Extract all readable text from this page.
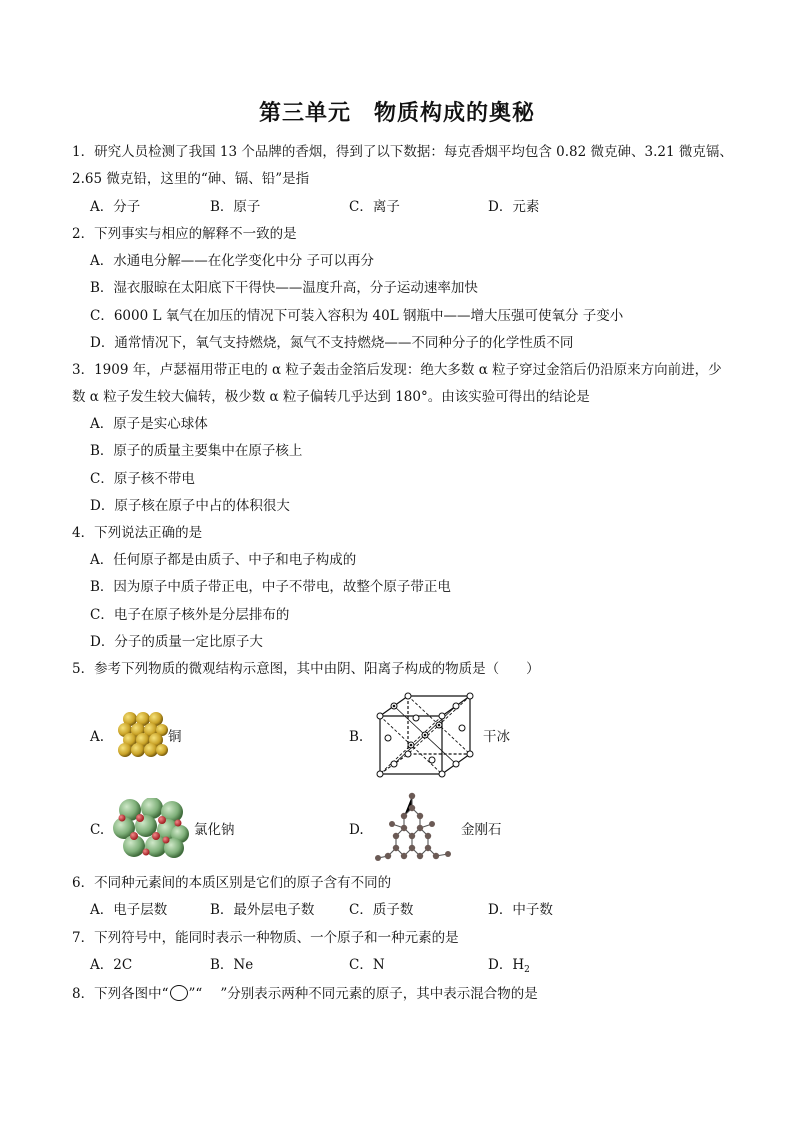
第三单元　物质构成的奥秘
1．研究人员检测了我国 13 个品牌的香烟，得到了以下数据：每克香烟平均包含 0.82 微克砷、3.21 微克镉、
2.65 微克铅，这里的“砷、镉、铅”是指
A．分子	B．原子	C．离子	D．元素
2．下列事实与相应的解释不一致的是
A．水通电分解——在化学变化中分 子可以再分
B．湿衣服晾在太阳底下干得快——温度升高，分子运动速率加快
C．6000 L 氧气在加压的情况下可装入容积为 40L 钢瓶中——增大压强可使氧分 子变小
D．通常情况下，氧气支持燃烧，氮气不支持燃烧——不同种分子的化学性质不同
3．1909 年，卢瑟福用带正电的 α 粒子轰击金箔后发现：绝大多数 α 粒子穿过金箔后仍沿原来方向前进，少
数 α 粒子发生较大偏转，极少数 α 粒子偏转几乎达到 180°。由该实验可得出的结论是
A．原子是实心球体
B．原子的质量主要集中在原子核上
C．原子核不带电
D．原子核在原子中占的体积很大
4．下列说法正确的是
A．任何原子都是由质子、中子和电子构成的
B．因为原子中质子带正电，中子不带电，故整个原子带正电
C．电子在原子核外是分层排布的
D．分子的质量一定比原子大
5．参考下列物质的微观结构示意图，其中由阴、阳离子构成的物质是（　　）
A.	铜	B.	干冰
C.	氯化钠	D.	金刚石
6．不同种元素间的本质区别是它们的原子含有不同的
A．电子层数	B．最外层电子数	C．质子数	D．中子数
7．下列符号中，能同时表示一种物质、一个原子和一种元素的是
A．2C	B．Ne	C．N	D．$H_2$
8．下列各图中“ ”“ ”分别表示两种不同元素的原子，其中表示混合物的是
